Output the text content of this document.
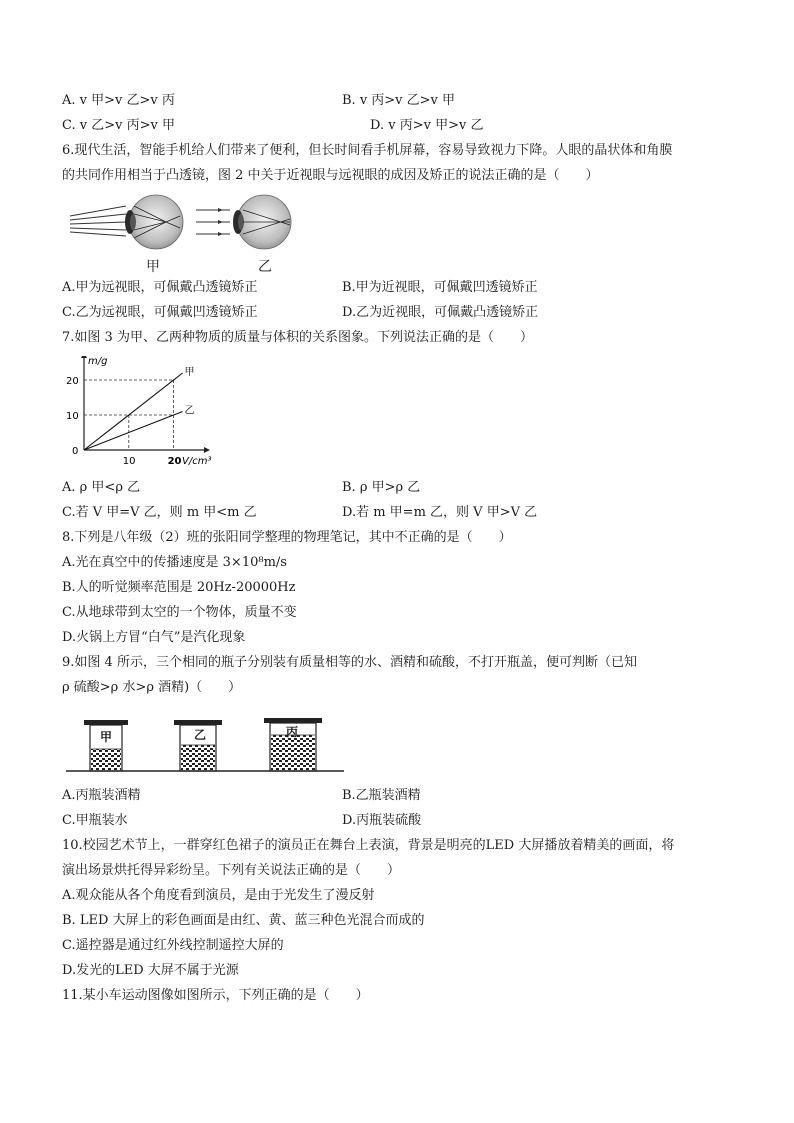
A. v 甲>v 乙>v 丙	B. v 丙>v 乙>v 甲
C. v 乙>v 丙>v 甲	D. v 丙>v 甲>v 乙
6.现代生活，智能手机给人们带来了便利，但长时间看手机屏幕，容易导致视力下降。人眼的晶状体和角膜
的共同作用相当于凸透镜，图 2 中关于近视眼与远视眼的成因及矫正的说法正确的是（　　）
甲	乙
A.甲为远视眼，可佩戴凸透镜矫正	B.甲为近视眼，可佩戴凹透镜矫正
C.乙为远视眼，可佩戴凹透镜矫正	D.乙为近视眼，可佩戴凸透镜矫正
7.如图 3 为甲、乙两种物质的质量与体积的关系图象。下列说法正确的是（　　）
m/g
V/cm³
0
10	20
10
20
甲
乙
A. ρ 甲<ρ 乙	B. ρ 甲>ρ 乙
C.若 V 甲=V 乙，则 m 甲<m 乙	D.若 m 甲=m 乙，则 V 甲>V 乙
8.下列是八年级（2）班的张阳同学整理的物理笔记，其中不正确的是（　　）
A.光在真空中的传播速度是 3×10⁸m/s
B.人的听觉频率范围是 20Hz-20000Hz
C.从地球带到太空的一个物体，质量不变
D.火锅上方冒“白气”是汽化现象
9.如图 4 所示，三个相同的瓶子分别装有质量相等的水、酒精和硫酸，不打开瓶盖，便可判断（已知
ρ 硫酸>ρ 水>ρ 酒精)（　　）
甲	乙	丙
A.丙瓶装酒精	B.乙瓶装酒精
C.甲瓶装水	D.丙瓶装硫酸
10.校园艺术节上，一群穿红色裙子的演员正在舞台上表演，背景是明亮的LED 大屏播放着精美的画面，将
演出场景烘托得异彩纷呈。下列有关说法正确的是（　　）
A.观众能从各个角度看到演员，是由于光发生了漫反射
B. LED 大屏上的彩色画面是由红、黄、蓝三种色光混合而成的
C.遥控器是通过红外线控制遥控大屏的
D.发光的LED 大屏不属于光源
11.某小车运动图像如图所示，下列正确的是（　　）
